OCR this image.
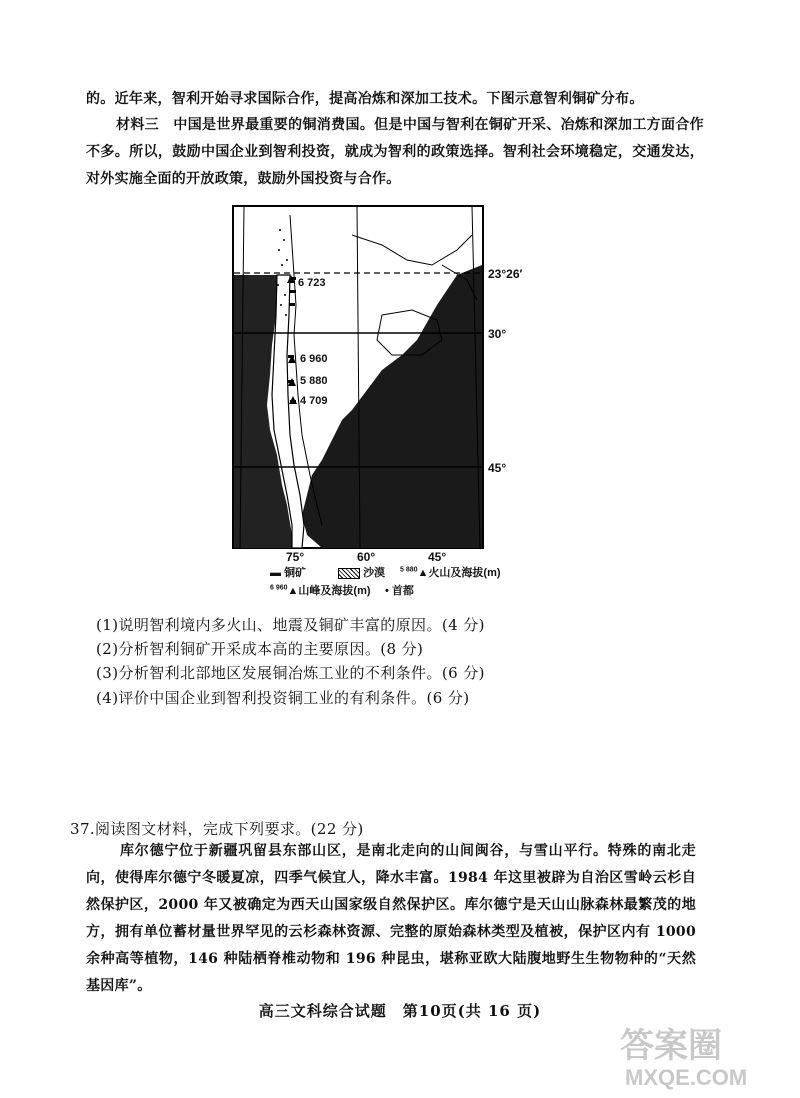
的。近年来，智利开始寻求国际合作，提高冶炼和深加工技术。下图示意智利铜矿分布。

材料三　中国是世界最重要的铜消费国。但是中国与智利在铜矿开采、冶炼和深加工方面合作不多。所以，鼓励中国企业到智利投资，就成为智利的政策选择。智利社会环境稳定，交通发达，对外实施全面的开放政策，鼓励外国投资与合作。

23°26′
30°
45°
6 723
6 960
5 880
4 709
75°	60°	45°
▬ 铜矿	沙漠 $^{5 880}$▲火山及海拔(m)
$^{6 960}$▲山峰及海拔(m) • 首都

(1)说明智利境内多火山、地震及铜矿丰富的原因。(4 分)

(2)分析智利铜矿开采成本高的主要原因。(8 分)

(3)分析智利北部地区发展铜冶炼工业的不利条件。(6 分)

(4)评价中国企业到智利投资铜工业的有利条件。(6 分)

37.阅读图文材料，完成下列要求。(22 分)

库尔德宁位于新疆巩留县东部山区，是南北走向的山间闽谷，与雪山平行。特殊的南北走向，使得库尔德宁冬暖夏凉，四季气候宜人，降水丰富。1984 年这里被辟为自治区雪岭云杉自然保护区，2000 年又被确定为西天山国家级自然保护区。库尔德宁是天山山脉森林最繁茂的地方，拥有单位蓄材量世界罕见的云杉森林资源、完整的原始森林类型及植被，保护区内有 1000 余种高等植物，146 种陆栖脊椎动物和 196 种昆虫，堪称亚欧大陆腹地野生生物物种的“天然基因库”。

高三文科综合试题　第10页(共 16 页)
答案圈
MXQE.COM
